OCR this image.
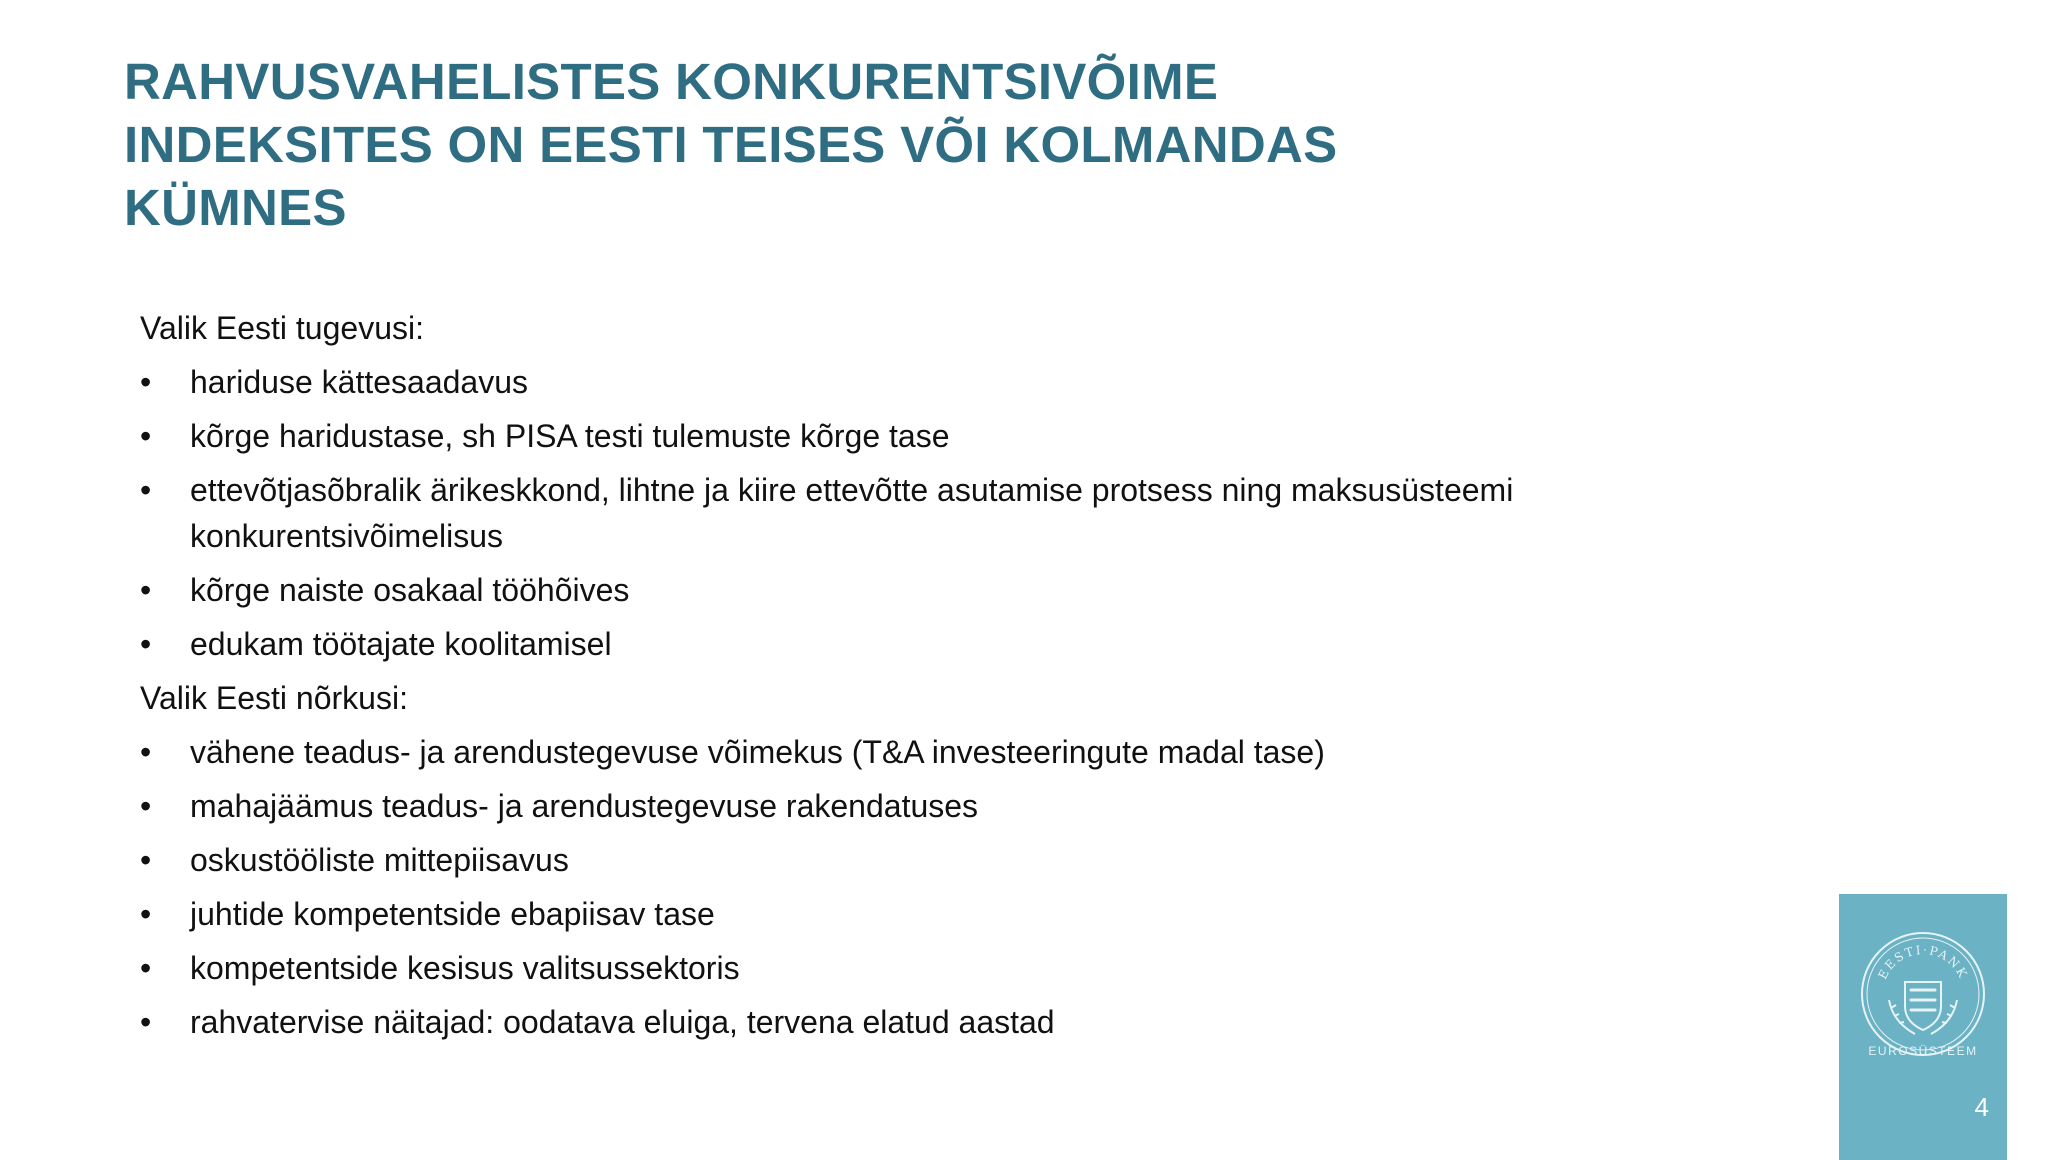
RAHVUSVAHELISTES KONKURENTSIVÕIME
INDEKSITES ON EESTI TEISES VÕI KOLMANDAS
KÜMNES
Valik Eesti tugevusi:
• hariduse kättesaadavus
• kõrge haridustase, sh PISA testi tulemuste kõrge tase
• ettevõtjasõbralik ärikeskkond, lihtne ja kiire ettevõtte asutamise protsess ning maksusüsteemi konkurentsivõimelisus
• kõrge naiste osakaal tööhõives
• edukam töötajate koolitamisel
Valik Eesti nõrkusi:
• vähene teadus- ja arendustegevuse võimekus (T&A investeeringute madal tase)
• mahajäämus teadus- ja arendustegevuse rakendatuses
• oskustööliste mittepiisavus
• juhtide kompetentside ebapiisav tase
• kompetentside kesisus valitsussektoris
• rahvatervise näitajad: oodatava eluiga, tervena elatud aastad
EESTI·PANK
EUROSÜSTEEM
4
